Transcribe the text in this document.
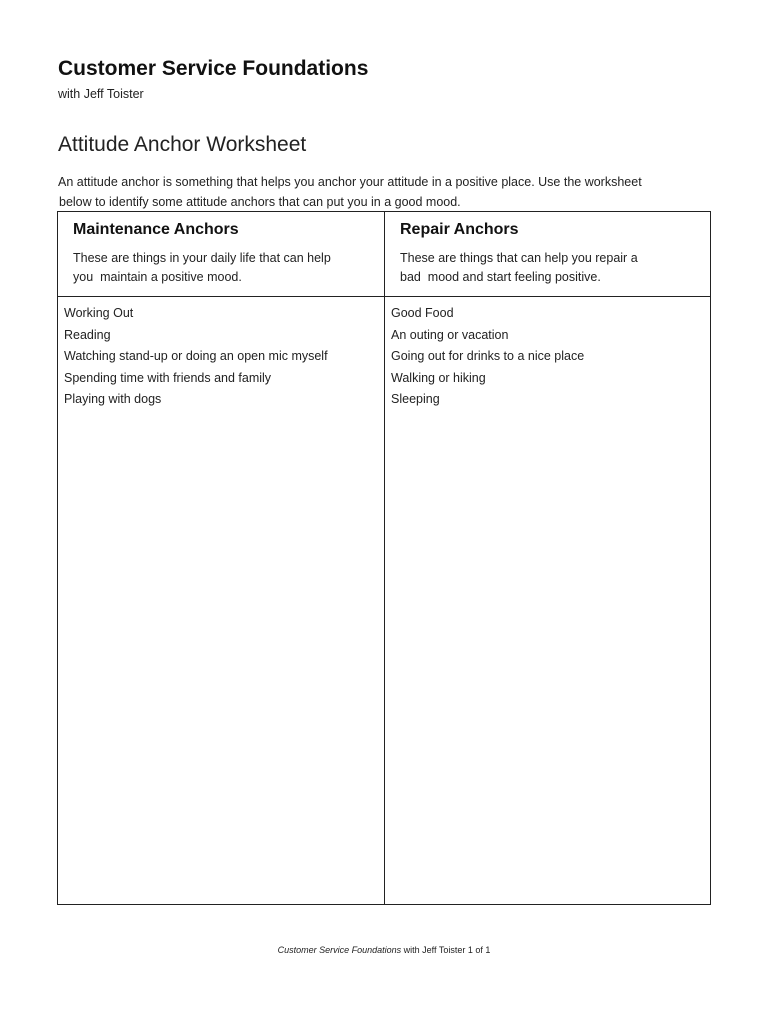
Customer Service Foundations
with Jeff Toister
Attitude Anchor Worksheet
An attitude anchor is something that helps you anchor your attitude in a positive place. Use the worksheet
below to identify some attitude anchors that can put you in a good mood.
Maintenance Anchors
These are things in your daily life that can help
you  maintain a positive mood.
Repair Anchors
These are things that can help you repair a
bad  mood and start feeling positive.
Working Out
Reading
Watching stand-up or doing an open mic myself
Spending time with friends and family
Playing with dogs
Good Food
An outing or vacation
Going out for drinks to a nice place
Walking or hiking
Sleeping
Customer Service Foundations with Jeff Toister 1 of 1
